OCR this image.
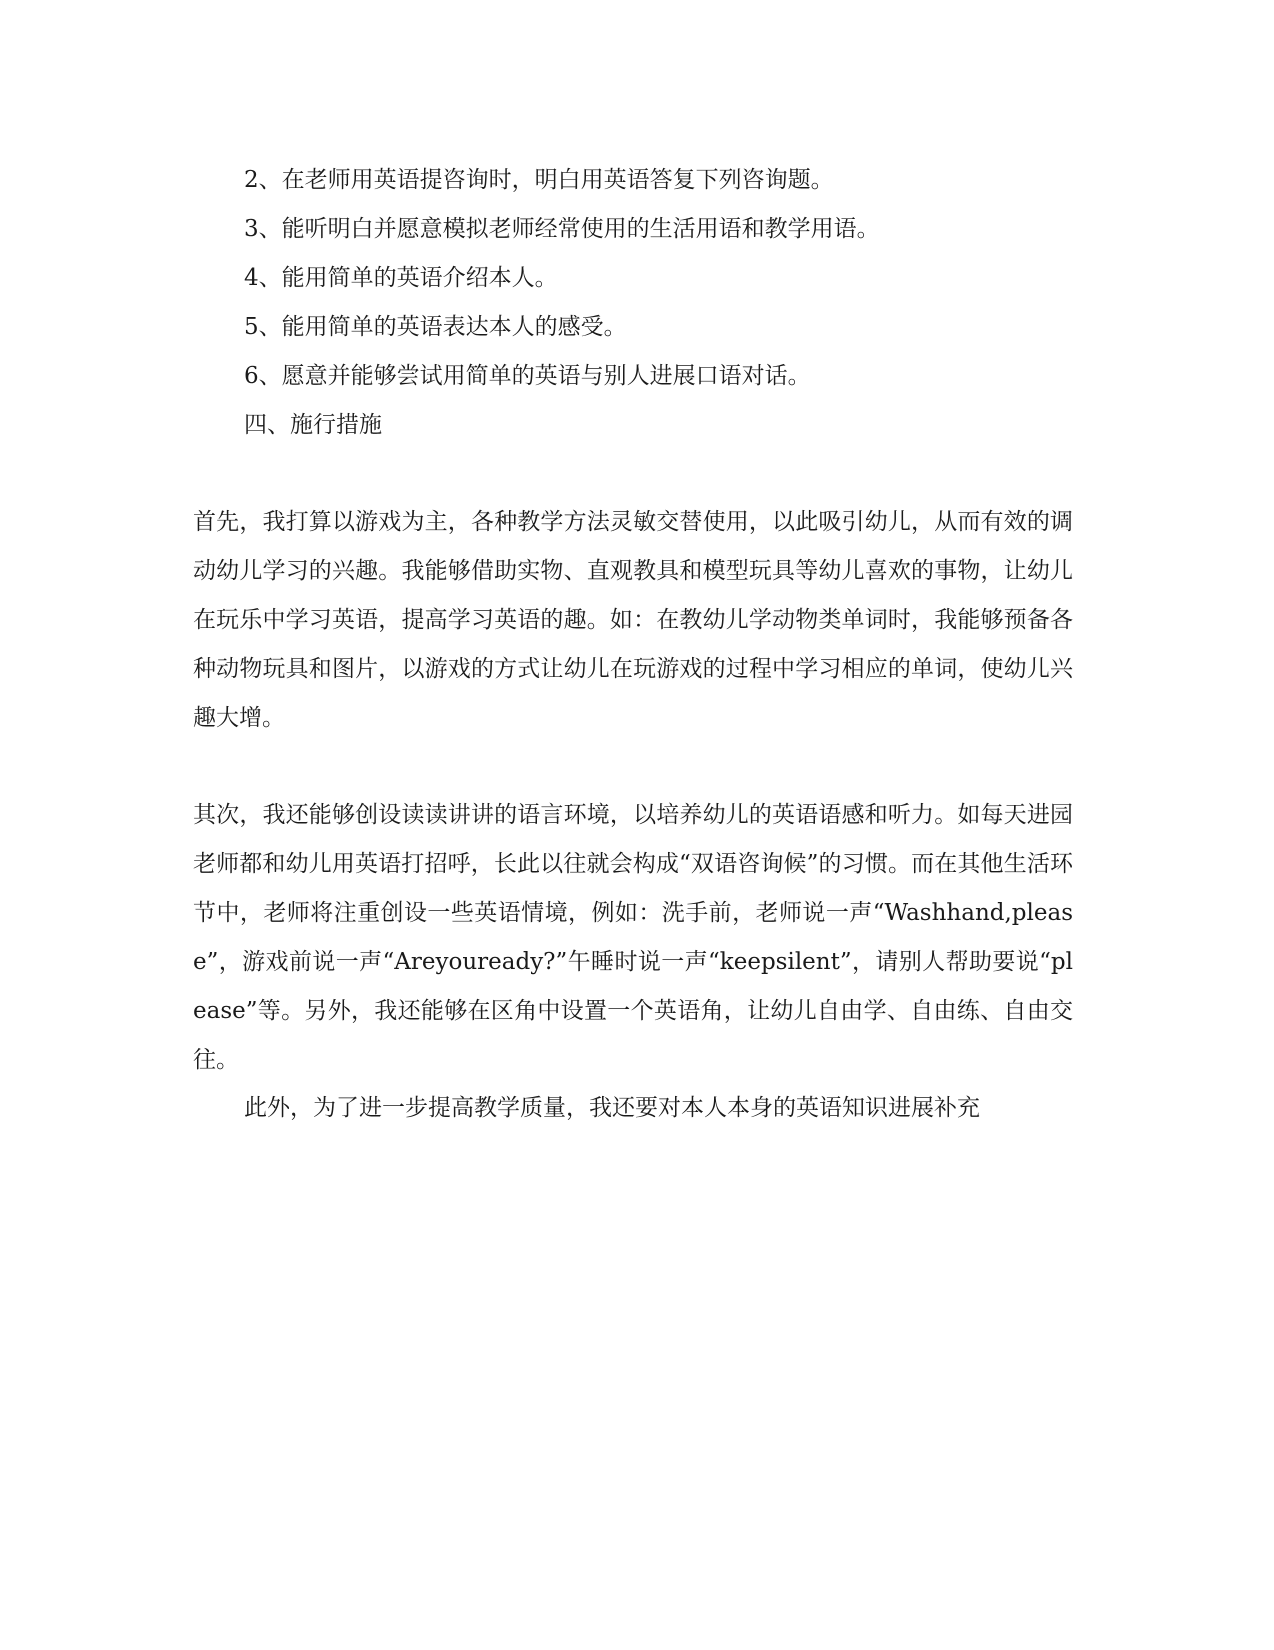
2、在老师用英语提咨询时，明白用英语答复下列咨询题。
3、能听明白并愿意模拟老师经常使用的生活用语和教学用语。
4、能用简单的英语介绍本人。
5、能用简单的英语表达本人的感受。
6、愿意并能够尝试用简单的英语与别人进展口语对话。
四、施行措施

首先，我打算以游戏为主，各种教学方法灵敏交替使用，以此吸引幼儿，从而有效的调动幼儿学习的兴趣。我能够借助实物、直观教具和模型玩具等幼儿喜欢的事物，让幼儿在玩乐中学习英语，提高学习英语的趣。如：在教幼儿学动物类单词时，我能够预备各种动物玩具和图片，以游戏的方式让幼儿在玩游戏的过程中学习相应的单词，使幼儿兴趣大增。

其次，我还能够创设读读讲讲的语言环境，以培养幼儿的英语语感和听力。如每天进园老师都和幼儿用英语打招呼，长此以往就会构成“双语咨询候”的习惯。而在其他生活环节中，老师将注重创设一些英语情境，例如：洗手前，老师说一声“Washhand,please”，游戏前说一声“Areyouready?”午睡时说一声“keepsilent”，请别人帮助要说“please”等。另外，我还能够在区角中设置一个英语角，让幼儿自由学、自由练、自由交往。

此外，为了进一步提高教学质量，我还要对本人本身的英语知识进展补充
